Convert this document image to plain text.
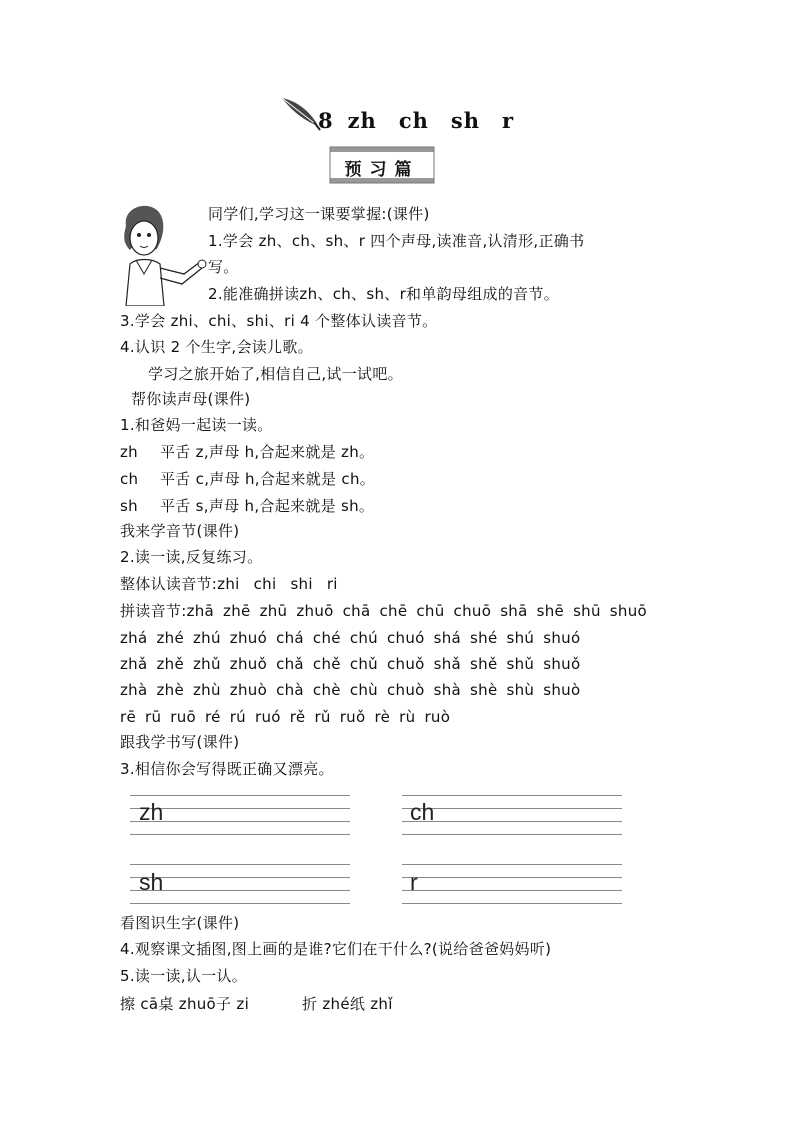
8 zh ch sh r
预习篇
同学们,学习这一课要掌握:(课件)
1.学会 zh、ch、sh、r 四个声母,读准音,认清形,正确书
写。
2.能准确拼读zh、ch、sh、r和单韵母组成的音节。
3.学会 zhi、chi、shi、ri 4 个整体认读音节。
4.认识 2 个生字,会读儿歌。
学习之旅开始了,相信自己,试一试吧。
帮你读声母(课件)
1.和爸妈一起读一读。
zh 平舌 z,声母 h,合起来就是 zh。
ch 平舌 c,声母 h,合起来就是 ch。
sh 平舌 s,声母 h,合起来就是 sh。
我来学音节(课件)
2.读一读,反复练习。
整体认读音节:zhi chi shi ri
拼读音节:zhā zhē zhū zhuō chā chē chū chuō shā shē shū shuō
zhá zhé zhú zhuó chá ché chú chuó shá shé shú shuó
zhǎ zhě zhǔ zhuǒ chǎ chě chǔ chuǒ shǎ shě shǔ shuǒ
zhà zhè zhù zhuò chà chè chù chuò shà shè shù shuò
rē rū ruō ré rú ruó rě rǔ ruǒ rè rù ruò
跟我学书写(课件)
3.相信你会写得既正确又漂亮。
zh	ch
sh	r
看图识生字(课件)
4.观察课文插图,图上画的是谁?它们在干什么?(说给爸爸妈妈听)
5.读一读,认一认。
擦 cā桌 zhuō子 zi	折 zhé纸 zhǐ
